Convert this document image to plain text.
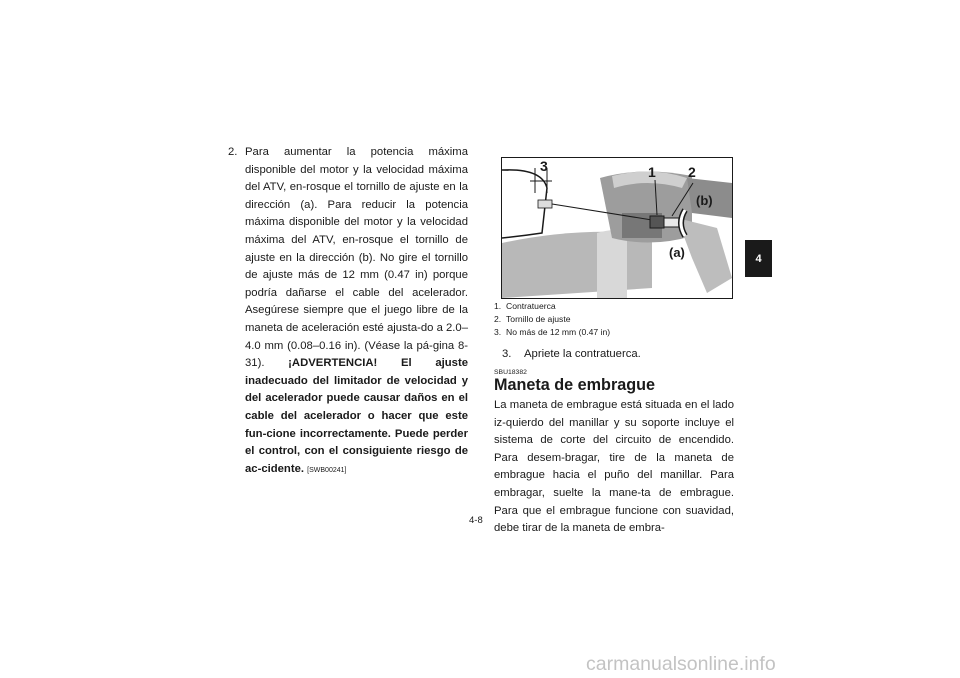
2. Para aumentar la potencia máxima disponible del motor y la velocidad máxima del ATV, en-rosque el tornillo de ajuste en la dirección (a). Para reducir la potencia máxima disponible del motor y la velocidad máxima del ATV, en-rosque el tornillo de ajuste en la dirección (b). No gire el tornillo de ajuste más de 12 mm (0.47 in) porque podría dañarse el cable del acelerador. Asegúrese siempre que el juego libre de la maneta de aceleración esté ajusta-do a 2.0–4.0 mm (0.08–0.16 in). (Véase la pá-gina 8-31). ¡ADVERTENCIA! El ajuste inadecuado del limitador de velocidad y del acelerador puede causar daños en el cable del acelerador o hacer que este fun-cione incorrectamente. Puede perder el control, con el consiguiente riesgo de ac-cidente. [SWB00241]
3	1 2
(b)
(a)
1. Contratuerca
2. Tornillo de ajuste
3. No más de 12 mm (0.47 in)
3.	Apriete la contratuerca.
SBU18382
Maneta de embrague
La maneta de embrague está situada en el lado iz-quierdo del manillar y su soporte incluye el sistema de corte del circuito de encendido. Para desem-bragar, tire de la maneta de embrague hacia el puño del manillar. Para embragar, suelte la mane-ta de embrague. Para que el embrague funcione con suavidad, debe tirar de la maneta de embra-
4-8
4
carmanualsonline.info
